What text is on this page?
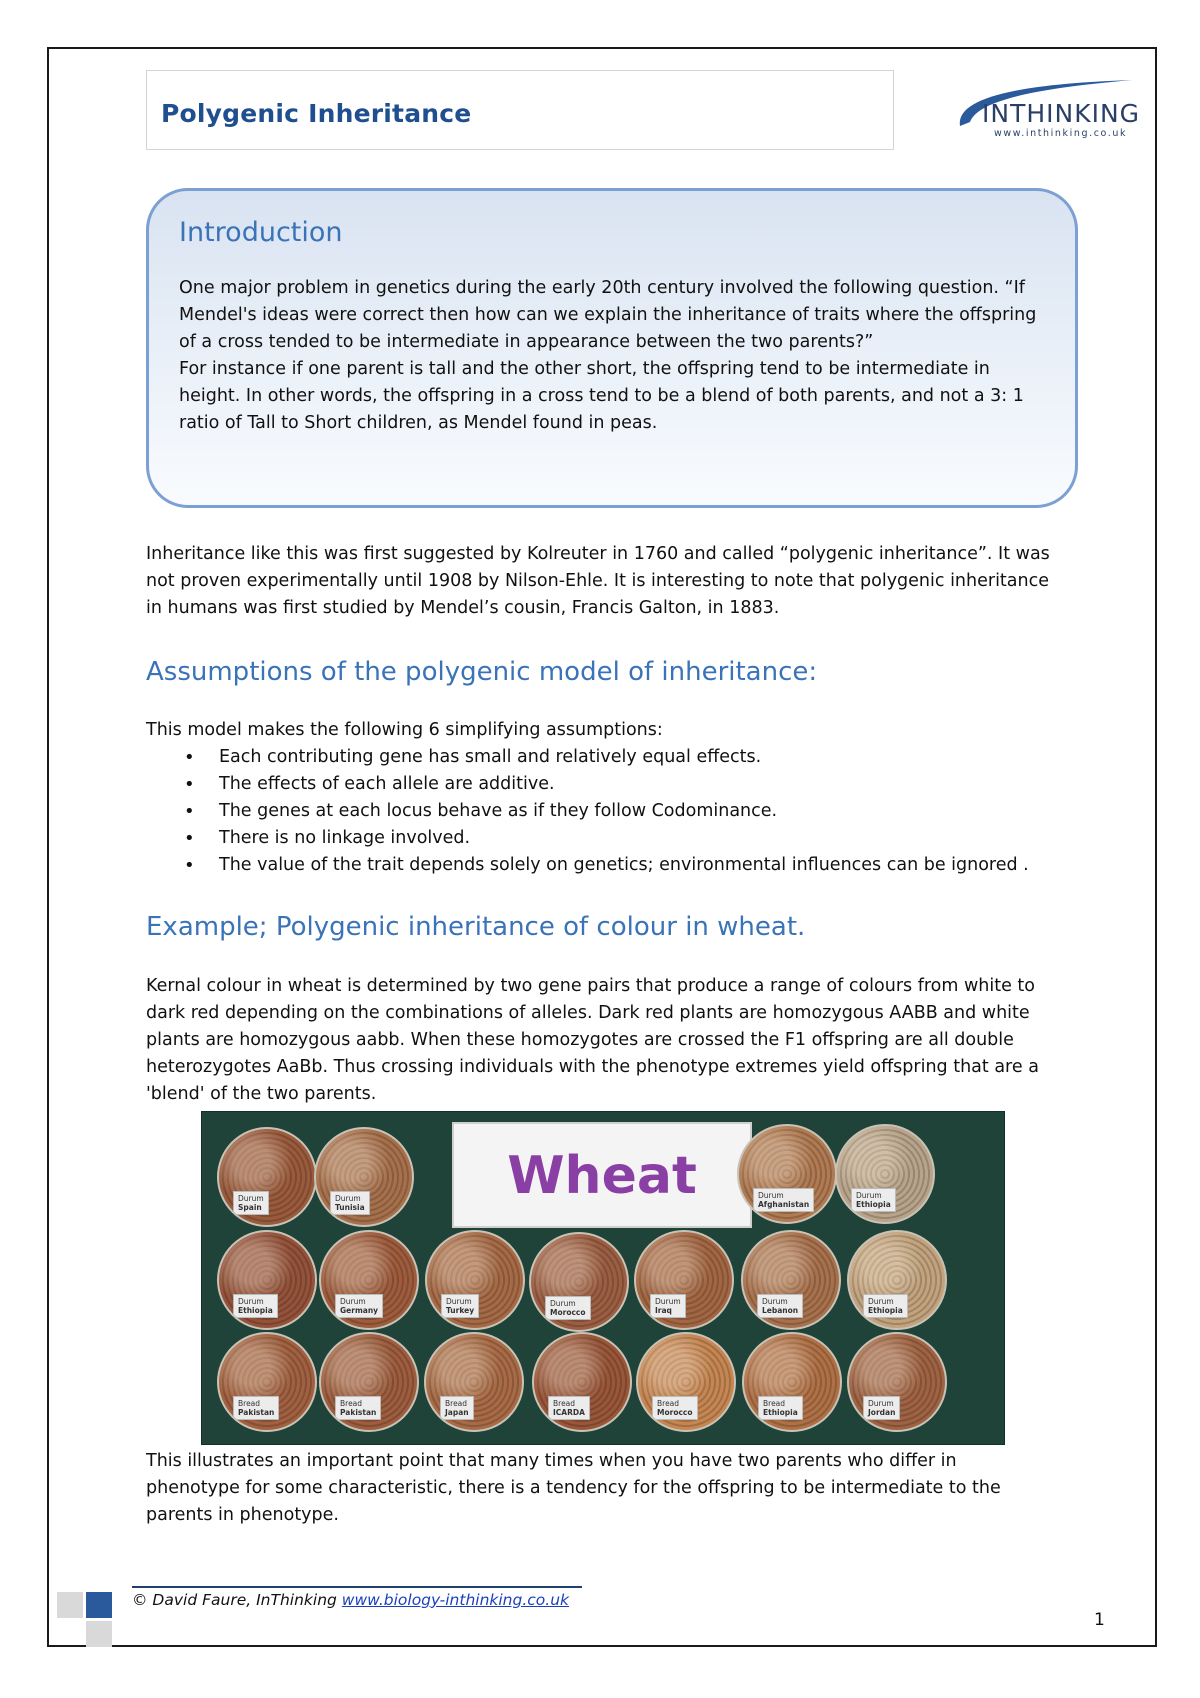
Polygenic Inheritance	INTHINKING
www.inthinking.co.uk
Introduction
One major problem in genetics during the early 20th century involved the following question. “If Mendel's ideas were correct then how can we explain the inheritance of traits where the offspring of a cross tended to be intermediate in appearance between the two parents?”
For instance if one parent is tall and the other short, the offspring tend to be intermediate in height. In other words, the offspring in a cross tend to be a blend of both parents, and not a 3: 1 ratio of Tall to Short children, as Mendel found in peas.
Inheritance like this was first suggested by Kolreuter in 1760 and called “polygenic inheritance”. It was not proven experimentally until 1908 by Nilson-Ehle. It is interesting to note that polygenic inheritance in humans was first studied by Mendel’s cousin, Francis Galton, in 1883.
Assumptions of the polygenic model of inheritance:
This model makes the following 6 simplifying assumptions:
• Each contributing gene has small and relatively equal effects.
• The effects of each allele are additive.
• The genes at each locus behave as if they follow Codominance.
• There is no linkage involved.
• The value of the trait depends solely on genetics; environmental influences can be ignored .
Example; Polygenic inheritance of colour in wheat.
Kernal colour in wheat is determined by two gene pairs that produce a range of colours from white to dark red depending on the combinations of alleles. Dark red plants are homozygous AABB and white plants are homozygous aabb. When these homozygotes are crossed the F1 offspring are all double heterozygotes AaBb. Thus crossing individuals with the phenotype extremes yield offspring that are a 'blend' of the two parents.
Wheat
Durum
Spain
Durum
Tunisia
Durum
Afghanistan
Durum
Ethiopia
Durum
Ethiopia
Durum
Germany
Durum
Turkey
Durum
Morocco
Durum
Iraq
Durum
Lebanon
Durum
Ethiopia
Bread
Pakistan
Bread
Pakistan
Bread
Japan
Bread
ICARDA
Bread
Morocco
Bread
Ethiopia
Durum
Jordan
This illustrates an important point that many times when you have two parents who differ in phenotype for some characteristic, there is a tendency for the offspring to be intermediate to the parents in phenotype.
© David Faure, InThinking www.biology-inthinking.co.uk
1
